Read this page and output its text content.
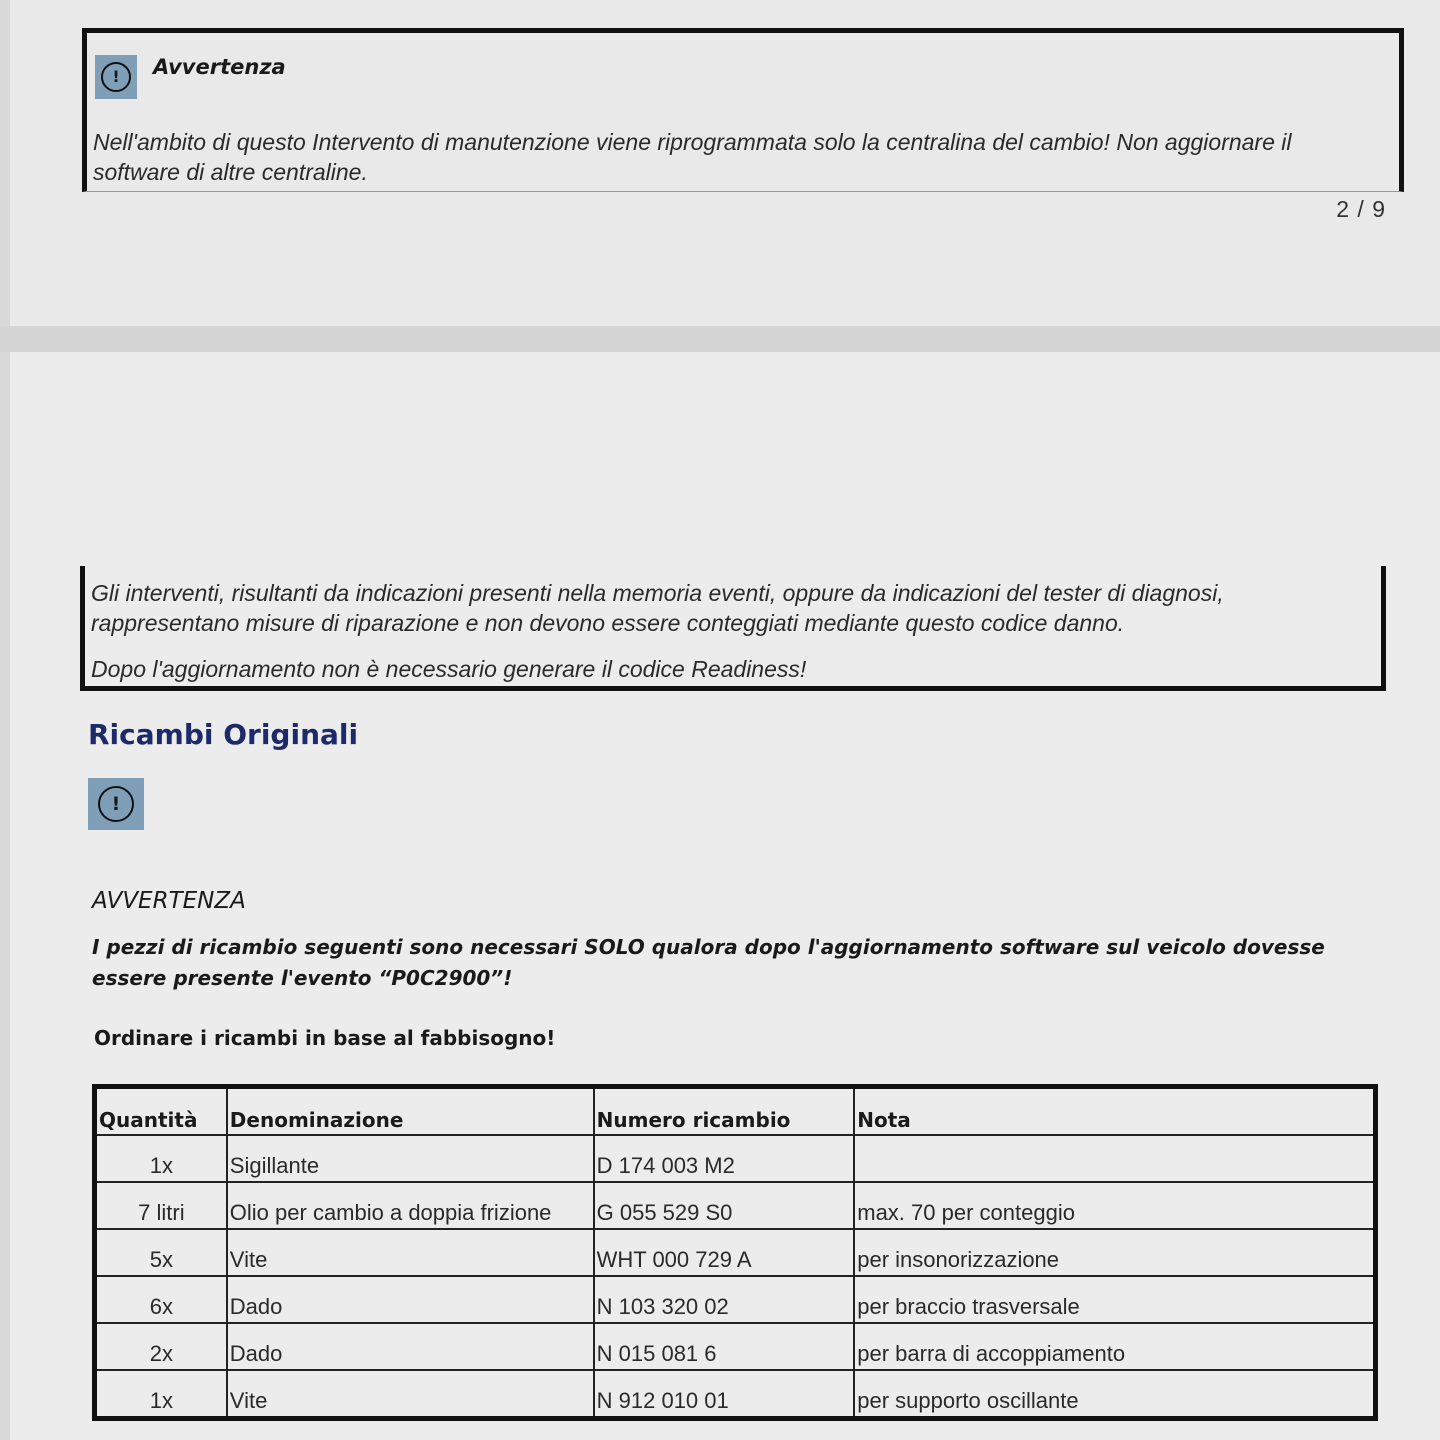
!	Avvertenza
Nell'ambito di questo Intervento di manutenzione viene riprogrammata solo la centralina del cambio! Non aggiornare il
software di altre centraline.
2 / 9
Gli interventi, risultanti da indicazioni presenti nella memoria eventi, oppure da indicazioni del tester di diagnosi,
rappresentano misure di riparazione e non devono essere conteggiati mediante questo codice danno.
Dopo l'aggiornamento non è necessario generare il codice Readiness!
Ricambi Originali
!
AVVERTENZA
I pezzi di ricambio seguenti sono necessari SOLO qualora dopo l'aggiornamento software sul veicolo dovesse essere presente l'evento “P0C2900”!
Ordinare i ricambi in base al fabbisogno!
Quantità	Denominazione	Numero ricambio	Nota
1x	Sigillante	D 174 003 M2	
7 litri	Olio per cambio a doppia frizione	G 055 529 S0	max. 70 per conteggio
5x	Vite	WHT 000 729 A	per insonorizzazione
6x	Dado	N 103 320 02	per braccio trasversale
2x	Dado	N 015 081 6	per barra di accoppiamento
1x	Vite	N 912 010 01	per supporto oscillante
